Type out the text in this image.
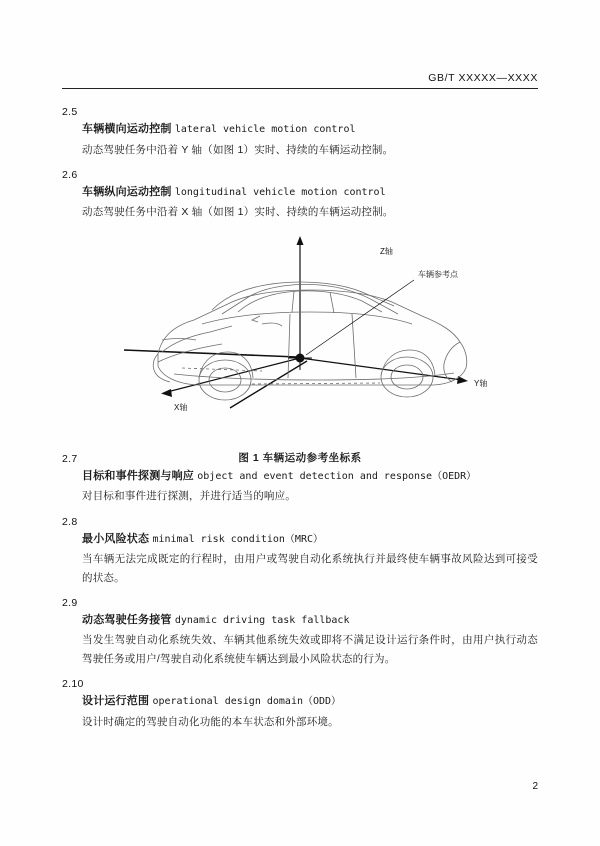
GB/T XXXXX—XXXX
2.5
车辆横向运动控制 lateral vehicle motion control
动态驾驶任务中沿着 Y 轴（如图 1）实时、持续的车辆运动控制。
2.6
车辆纵向运动控制 longitudinal vehicle motion control
动态驾驶任务中沿着 X 轴（如图 1）实时、持续的车辆运动控制。
Z轴
Y轴
X轴
车辆参考点
图 1 车辆运动参考坐标系
2.7
目标和事件探测与响应 object and event detection and response（OEDR）
对目标和事件进行探测，并进行适当的响应。
2.8
最小风险状态 minimal risk condition（MRC）
当车辆无法完成既定的行程时，由用户或驾驶自动化系统执行并最终使车辆事故风险达到可接受的状态。
2.9
动态驾驶任务接管 dynamic driving task fallback
当发生驾驶自动化系统失效、车辆其他系统失效或即将不满足设计运行条件时，由用户执行动态驾驶任务或用户/驾驶自动化系统使车辆达到最小风险状态的行为。
2.10
设计运行范围 operational design domain（ODD）
设计时确定的驾驶自动化功能的本车状态和外部环境。
2
